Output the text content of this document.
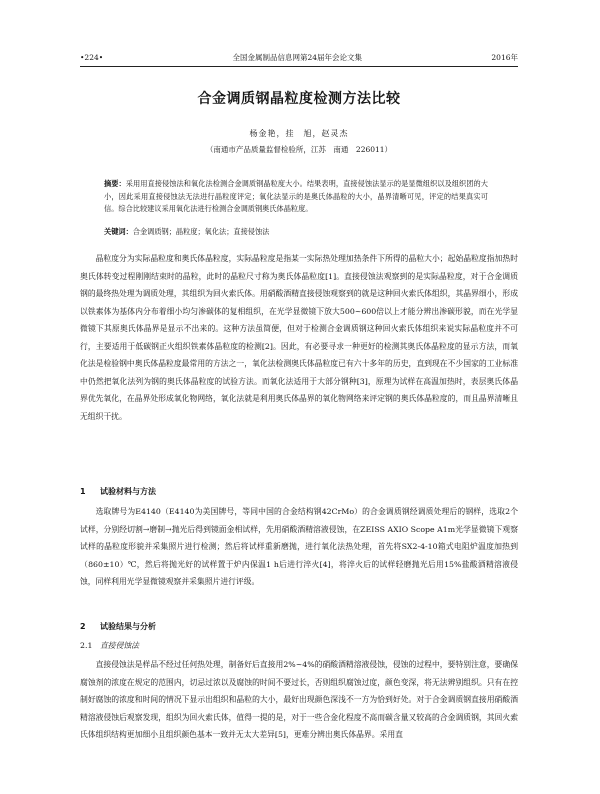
•224•	全国金属制品信息网第24届年会论文集	2016年
合金调质钢晶粒度检测方法比较
杨金艳，挂　旭，赵灵杰
（南通市产品质量监督检验所，江苏　南通　226011）
摘要：采用用直接侵蚀法和氧化法检测合金调质钢晶粒度大小。结果表明，直接侵蚀法显示的是显微组织以及组织团的大小，因此采用直接侵蚀法无法进行晶粒度评定；氧化法显示的是奥氏体晶粒的大小，晶界清晰可见，评定的结果真实可信。综合比较建议采用氧化法进行检测合金调质钢奥氏体晶粒度。
关键词：合金调质钢；晶粒度；氧化法；直接侵蚀法

晶粒度分为实际晶粒度和奥氏体晶粒度，实际晶粒度是指某一实际热处理加热条件下所得的晶粒大小；起始晶粒度指加热时奥氏体转变过程刚刚结束时的晶粒，此时的晶粒尺寸称为奥氏体晶粒度[1]。直接侵蚀法观察到的是实际晶粒度，对于合金调质钢的最终热处理为调质处理，其组织为回火索氏体。用硝酸酒精直接侵蚀观察到的就是这种回火索氏体组织，其晶界细小，形成以铁素体为基体内分布着细小均匀渗碳体的复相组织，在光学显微镜下放大500~600倍以上才能分辨出渗碳形貌，而在光学显微镜下其原奥氏体晶界是显示不出来的。这种方法虽简便，但对于检测合金调质钢这种回火索氏体组织来说实际晶粒度并不可行，主要适用于低碳钢正火组织铁素体晶粒度的检测[2]。因此，有必要寻求一种更好的检测其奥氏体晶粒度的显示方法，而氧化法是检验钢中奥氏体晶粒度最常用的方法之一，氧化法检测奥氏体晶粒度已有六十多年的历史，直到现在不少国家的工业标准中仍然把氧化法列为钢的奥氏体晶粒度的试验方法。而氧化法适用于大部分钢种[3]，原理为试样在高温加热时，表层奥氏体晶界优先氧化，在晶界处形成氧化物网络，氧化法就是利用奥氏体晶界的氧化物网络来评定钢的奥氏体晶粒度的，而且晶界清晰且无组织干扰。

1 试验材料与方法

选取牌号为E4140（E4140为美国牌号，等同中国的合金结构钢42CrMo）的合金调质钢经调质处理后的钢样，选取2个试样，分别经切割→磨制→抛光后得到镜面金相试样，先用硝酸酒精溶液侵蚀，在ZEISS AXIO Scope A1m光学显微镜下观察试样的晶粒度形貌并采集照片进行检测；然后将试样重新磨抛，进行氧化法热处理，首先将SX2-4-10箱式电阻炉温度加热到（860±10）℃，然后将抛光好的试样置于炉内保温1 h后进行淬火[4]，将淬火后的试样轻磨抛光后用15%盐酸酒精溶液侵蚀，同样利用光学显微镜观察并采集照片进行评级。

2 试验结果与分析
2.1 直接侵蚀法

直接侵蚀法是样品不经过任何热处理，制备好后直接用2%~4%的硝酸酒精溶液侵蚀，侵蚀的过程中，要特别注意，要确保腐蚀剂的浓度在规定的范围内，切忌过浓以及腐蚀的时间不要过长，否则组织腐蚀过度，颜色变深，将无法辨别组织。只有在控制好腐蚀的浓度和时间的情况下显示出组织和晶粒的大小，最好出现颜色深浅不一方为恰到好处。对于合金调质钢直接用硝酸酒精溶液侵蚀后观察发现，组织为回火索氏体，值得一提的是，对于一些合金化程度不高而碳含量又较高的合金调质钢，其回火索氏体组织结构更加细小且组织颜色基本一致并无太大差异[5]，更难分辨出奥氏体晶界。采用直
